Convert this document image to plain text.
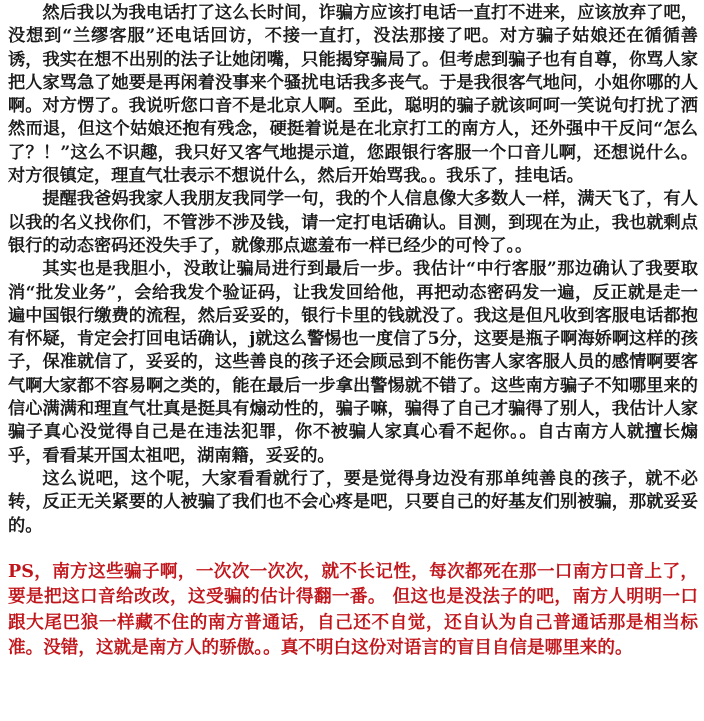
然后我以为我电话打了这么长时间，诈骗方应该打电话一直打不进来，应该放弃了吧，没想到“兰缪客服”还电话回访，不接一直打，没法那接了吧。对方骗子姑娘还在循循善诱，我实在想不出别的法子让她闭嘴，只能揭穿骗局了。但考虑到骗子也有自尊，你骂人家把人家骂急了她要是再闲着没事来个骚扰电话我多丧气。于是我很客气地问，小姐你哪的人啊。对方愣了。我说听您口音不是北京人啊。至此，聪明的骗子就该呵呵一笑说句打扰了洒然而退，但这个姑娘还抱有残念，硬挺着说是在北京打工的南方人，还外强中干反问“怎么了？！”这么不识趣，我只好又客气地提示道，您跟银行客服一个口音儿啊，还想说什么。对方很镇定，理直气壮表示不想说什么，然后开始骂我。。我乐了，挂电话。

提醒我爸妈我家人我朋友我同学一句，我的个人信息像大多数人一样，满天飞了，有人以我的名义找你们，不管涉不涉及钱，请一定打电话确认。目测，到现在为止，我也就剩点银行的动态密码还没失手了，就像那点遮羞布一样已经少的可怜了。。

其实也是我胆小，没敢让骗局进行到最后一步。我估计“中行客服”那边确认了我要取消“批发业务”，会给我发个验证码，让我发回给他，再把动态密码发一遍，反正就是走一遍中国银行缴费的流程，然后妥妥的，银行卡里的钱就没了。我这是但凡收到客服电话都抱有怀疑，肯定会打回电话确认，j就这么警惕也一度信了5分，这要是瓶子啊海娇啊这样的孩子，保准就信了，妥妥的，这些善良的孩子还会顾忌到不能伤害人家客服人员的感情啊要客气啊大家都不容易啊之类的，能在最后一步拿出警惕就不错了。这些南方骗子不知哪里来的信心满满和理直气壮真是挺具有煽动性的，骗子嘛，骗得了自己才骗得了别人，我估计人家骗子真心没觉得自己是在违法犯罪，你不被骗人家真心看不起你。。自古南方人就擅长煽乎，看看某开国太祖吧，湖南籍，妥妥的。

这么说吧，这个呢，大家看看就行了，要是觉得身边没有那单纯善良的孩子，就不必转，反正无关紧要的人被骗了我们也不会心疼是吧，只要自己的好基友们别被骗，那就妥妥的。

PS，南方这些骗子啊，一次次一次次，就不长记性，每次都死在那一口南方口音上了，要是把这口音给改改，这受骗的估计得翻一番。 但这也是没法子的吧，南方人明明一口跟大尾巴狼一样藏不住的南方普通话，自己还不自觉，还自认为自己普通话那是相当标准。没错，这就是南方人的骄傲。。真不明白这份对语言的盲目自信是哪里来的。
